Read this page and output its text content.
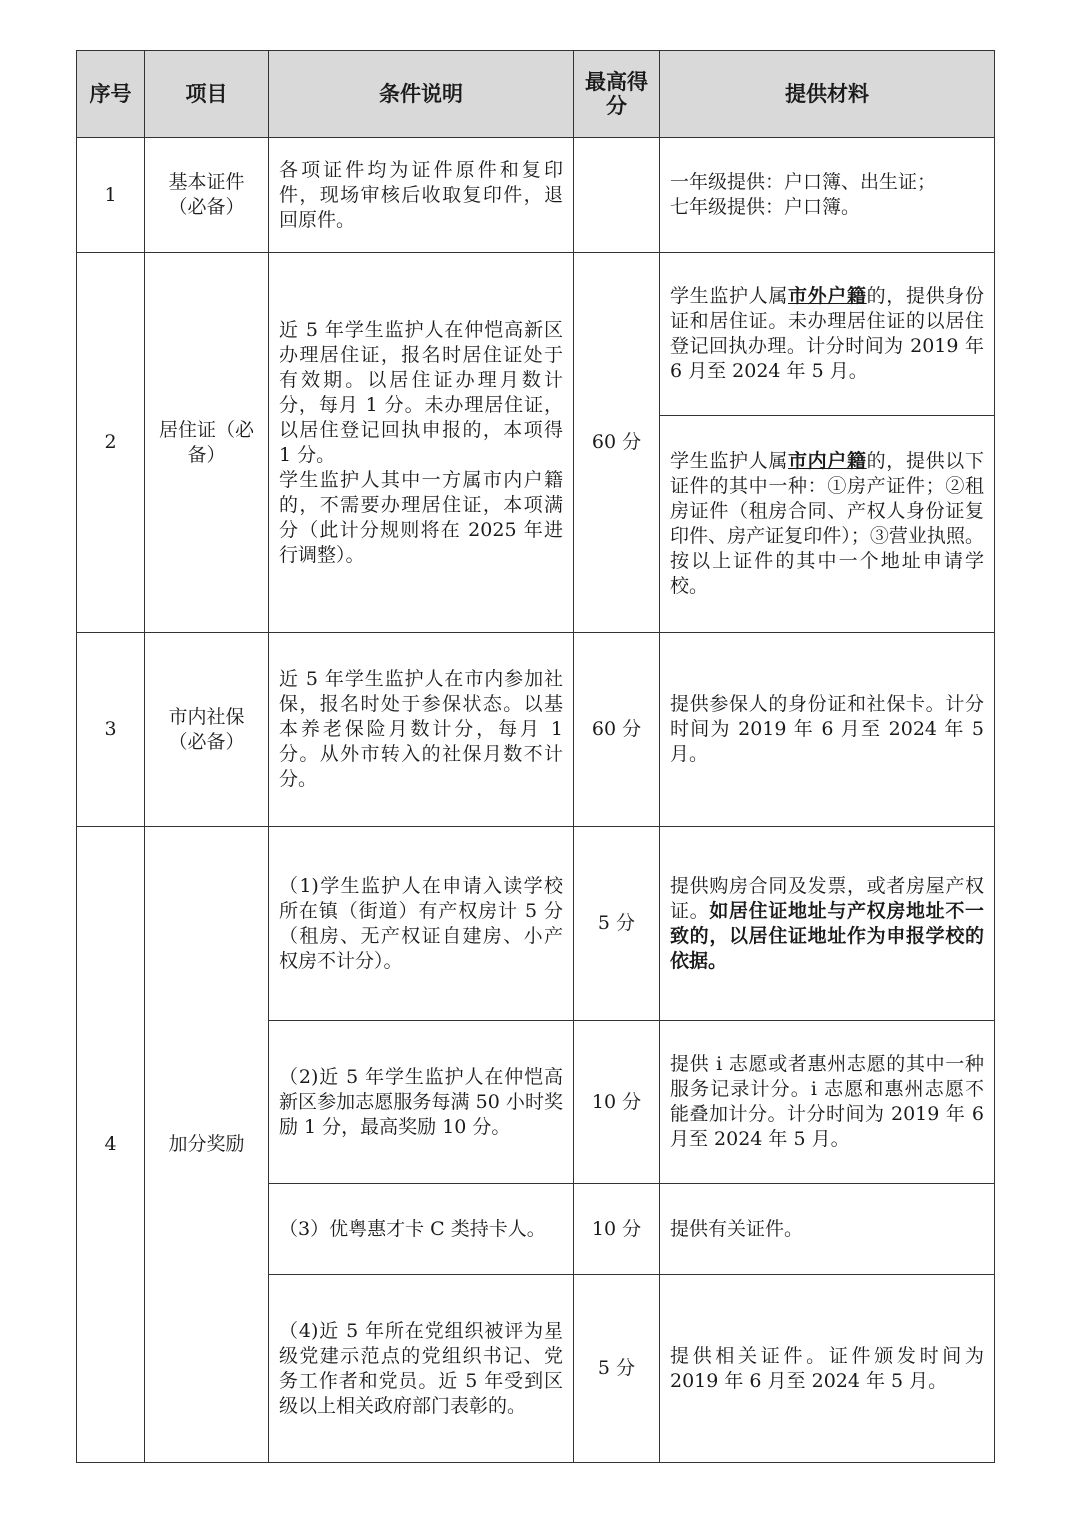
序号	项目	条件说明	最高得分	提供材料
1	基本证件（必备）	各项证件均为证件原件和复印件，现场审核后收取复印件，退回原件。		一年级提供：户口簿、出生证；
七年级提供：户口簿。

2	居住证（必备）	近 5 年学生监护人在仲恺高新区办理居住证，报名时居住证处于有效期。以居住证办理月数计分，每月 1 分。未办理居住证，以居住登记回执申报的，本项得 1 分。
学生监护人其中一方属市内户籍的，不需要办理居住证，本项满分（此计分规则将在 2025 年进行调整）。	60 分	学生监护人属市外户籍的，提供身份证和居住证。未办理居住证的以居住登记回执办理。计分时间为 2019 年 6 月至 2024 年 5 月。
				学生监护人属市内户籍的，提供以下证件的其中一种：①房产证件；②租房证件（租房合同、产权人身份证复印件、房产证复印件）；③营业执照。按以上证件的其中一个地址申请学校。
3	市内社保（必备）	近 5 年学生监护人在市内参加社保，报名时处于参保状态。以基本养老保险月数计分，每月 1 分。从外市转入的社保月数不计分。	60 分	提供参保人的身份证和社保卡。计分时间为 2019 年 6 月至 2024 年 5 月。
4	加分奖励	（1)学生监护人在申请入读学校所在镇（街道）有产权房计 5 分（租房、无产权证自建房、小产权房不计分）。	5 分	提供购房合同及发票，或者房屋产权证。如居住证地址与产权房地址不一致的，以居住证地址作为申报学校的依据。
		（2)近 5 年学生监护人在仲恺高新区参加志愿服务每满 50 小时奖励 1 分，最高奖励 10 分。	10 分	提供 i 志愿或者惠州志愿的其中一种服务记录计分。i 志愿和惠州志愿不能叠加计分。计分时间为 2019 年 6 月至 2024 年 5 月。
		（3）优粤惠才卡 C 类持卡人。	10 分	提供有关证件。
		（4)近 5 年所在党组织被评为星级党建示范点的党组织书记、党务工作者和党员。近 5 年受到区级以上相关政府部门表彰的。	5 分	提供相关证件。证件颁发时间为 2019 年 6 月至 2024 年 5 月。
